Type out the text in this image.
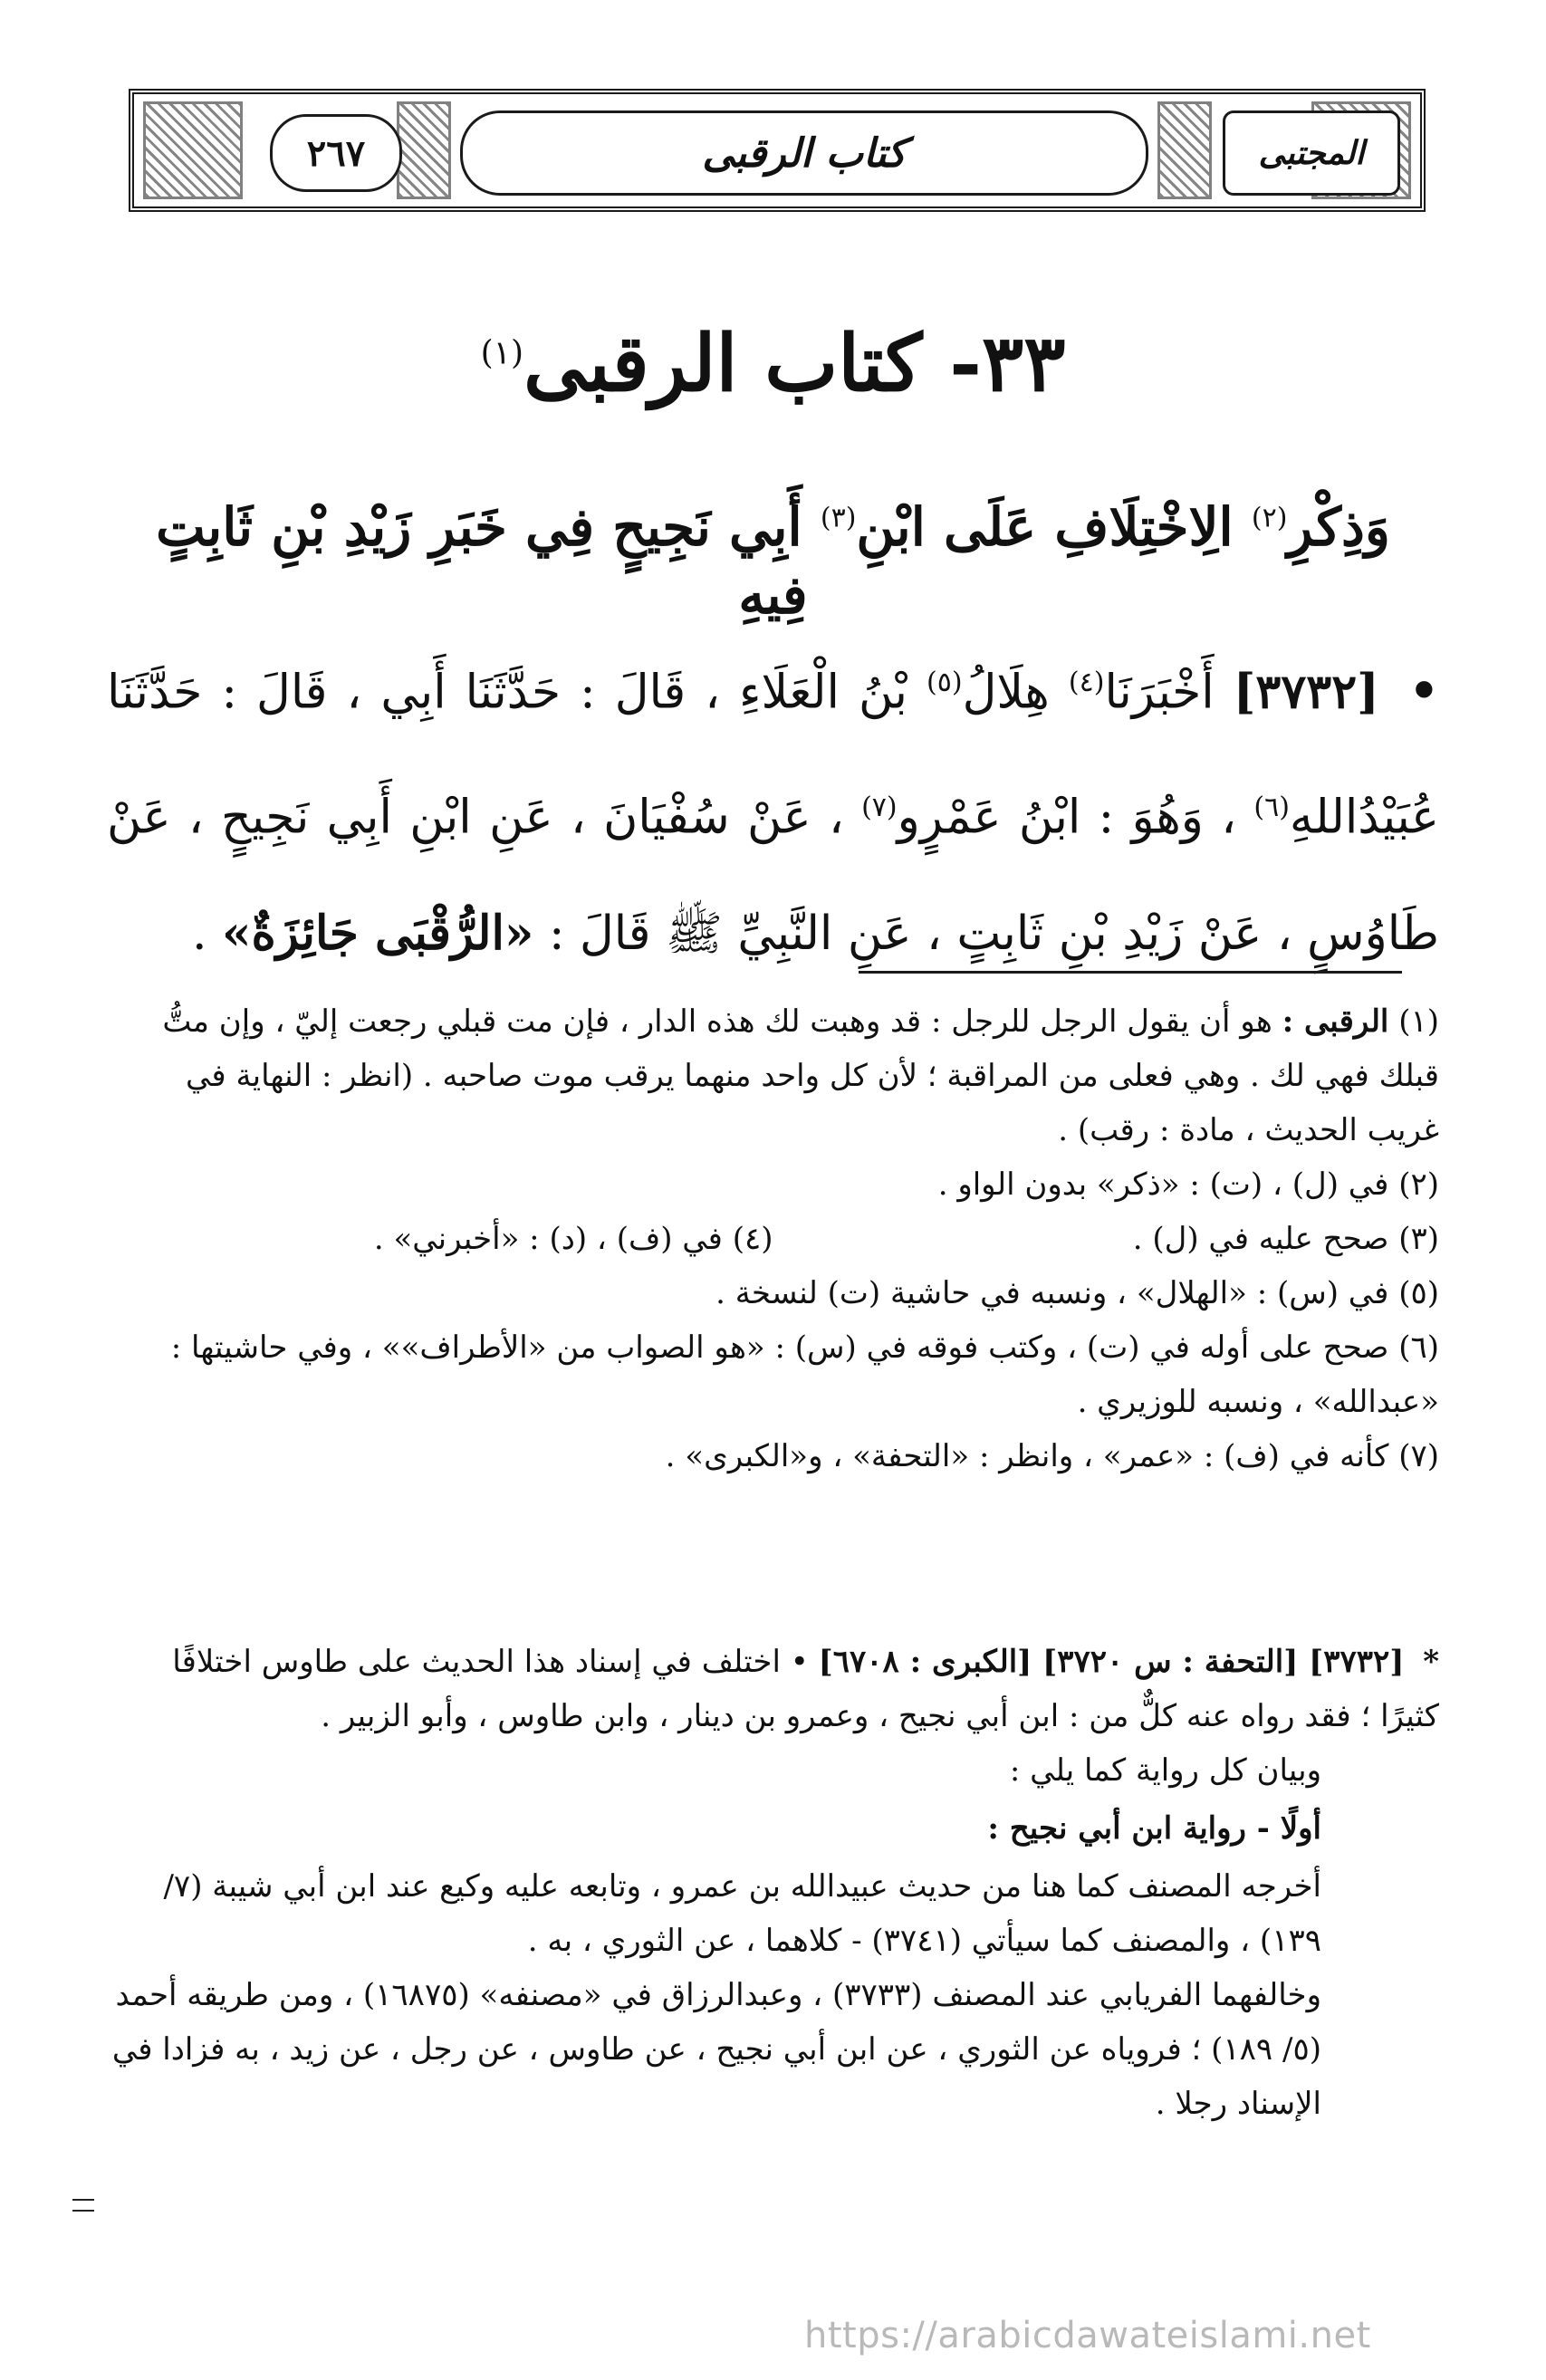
٢٦٧	كتاب الرقبى	المجتبى
٣٣- كتاب الرقبى$^{(١)}$
وَذِكْرِ$^{(٢)}$ الِاخْتِلَافِ عَلَى ابْنِ$^{(٣)}$ أَبِي نَجِيحٍ فِي خَبَرِ زَيْدِ بْنِ ثَابِتٍ فِيهِ
• [٣٧٣٢] أَخْبَرَنَا$^{(٤)}$ هِلَالُ$^{(٥)}$ بْنُ الْعَلَاءِ ، قَالَ : حَدَّثَنَا أَبِي ، قَالَ : حَدَّثَنَا عُبَيْدُاللهِ$^{(٦)}$ ، وَهُوَ : ابْنُ عَمْرٍو$^{(٧)}$ ، عَنْ سُفْيَانَ ، عَنِ ابْنِ أَبِي نَجِيحٍ ، عَنْ طَاوُسٍ ، عَنْ زَيْدِ بْنِ ثَابِتٍ ، عَنِ النَّبِيِّ ﷺ قَالَ : «الرُّقْبَى جَائِزَةٌ» .

(١) الرقبى : هو أن يقول الرجل للرجل : قد وهبت لك هذه الدار ، فإن مت قبلي رجعت إليّ ، وإن متُّ قبلك فهي لك . وهي فعلى من المراقبة ؛ لأن كل واحد منهما يرقب موت صاحبه . (انظر : النهاية في غريب الحديث ، مادة : رقب) .

(٢) في (ل) ، (ت) : «ذكر» بدون الواو .

(٣) صحح عليه في (ل) .

(٤) في (ف) ، (د) : «أخبرني» .

(٥) في (س) : «الهلال» ، ونسبه في حاشية (ت) لنسخة .

(٦) صحح على أوله في (ت) ، وكتب فوقه في (س) : «هو الصواب من «الأطراف»» ، وفي حاشيتها : «عبدالله» ، ونسبه للوزيري .

(٧) كأنه في (ف) : «عمر» ، وانظر : «التحفة» ، و«الكبرى» .

* [٣٧٣٢] [التحفة : س ٣٧٢٠] [الكبرى : ٦٧٠٨] • اختلف في إسناد هذا الحديث على طاوس اختلافًا كثيرًا ؛ فقد رواه عنه كلٌّ من : ابن أبي نجيح ، وعمرو بن دينار ، وابن طاوس ، وأبو الزبير .

وبيان كل رواية كما يلي :

أولًا - رواية ابن أبي نجيح :

أخرجه المصنف كما هنا من حديث عبيدالله بن عمرو ، وتابعه عليه وكيع عند ابن أبي شيبة (٧/ ١٣٩) ، والمصنف كما سيأتي (٣٧٤١) - كلاهما ، عن الثوري ، به .

وخالفهما الفريابي عند المصنف (٣٧٣٣) ، وعبدالرزاق في «مصنفه» (١٦٨٧٥) ، ومن طريقه أحمد (٥/ ١٨٩) ؛ فروياه عن الثوري ، عن ابن أبي نجيح ، عن طاوس ، عن رجل ، عن زيد ، به فزادا في الإسناد رجلا .

https://arabicdawateislami.net
